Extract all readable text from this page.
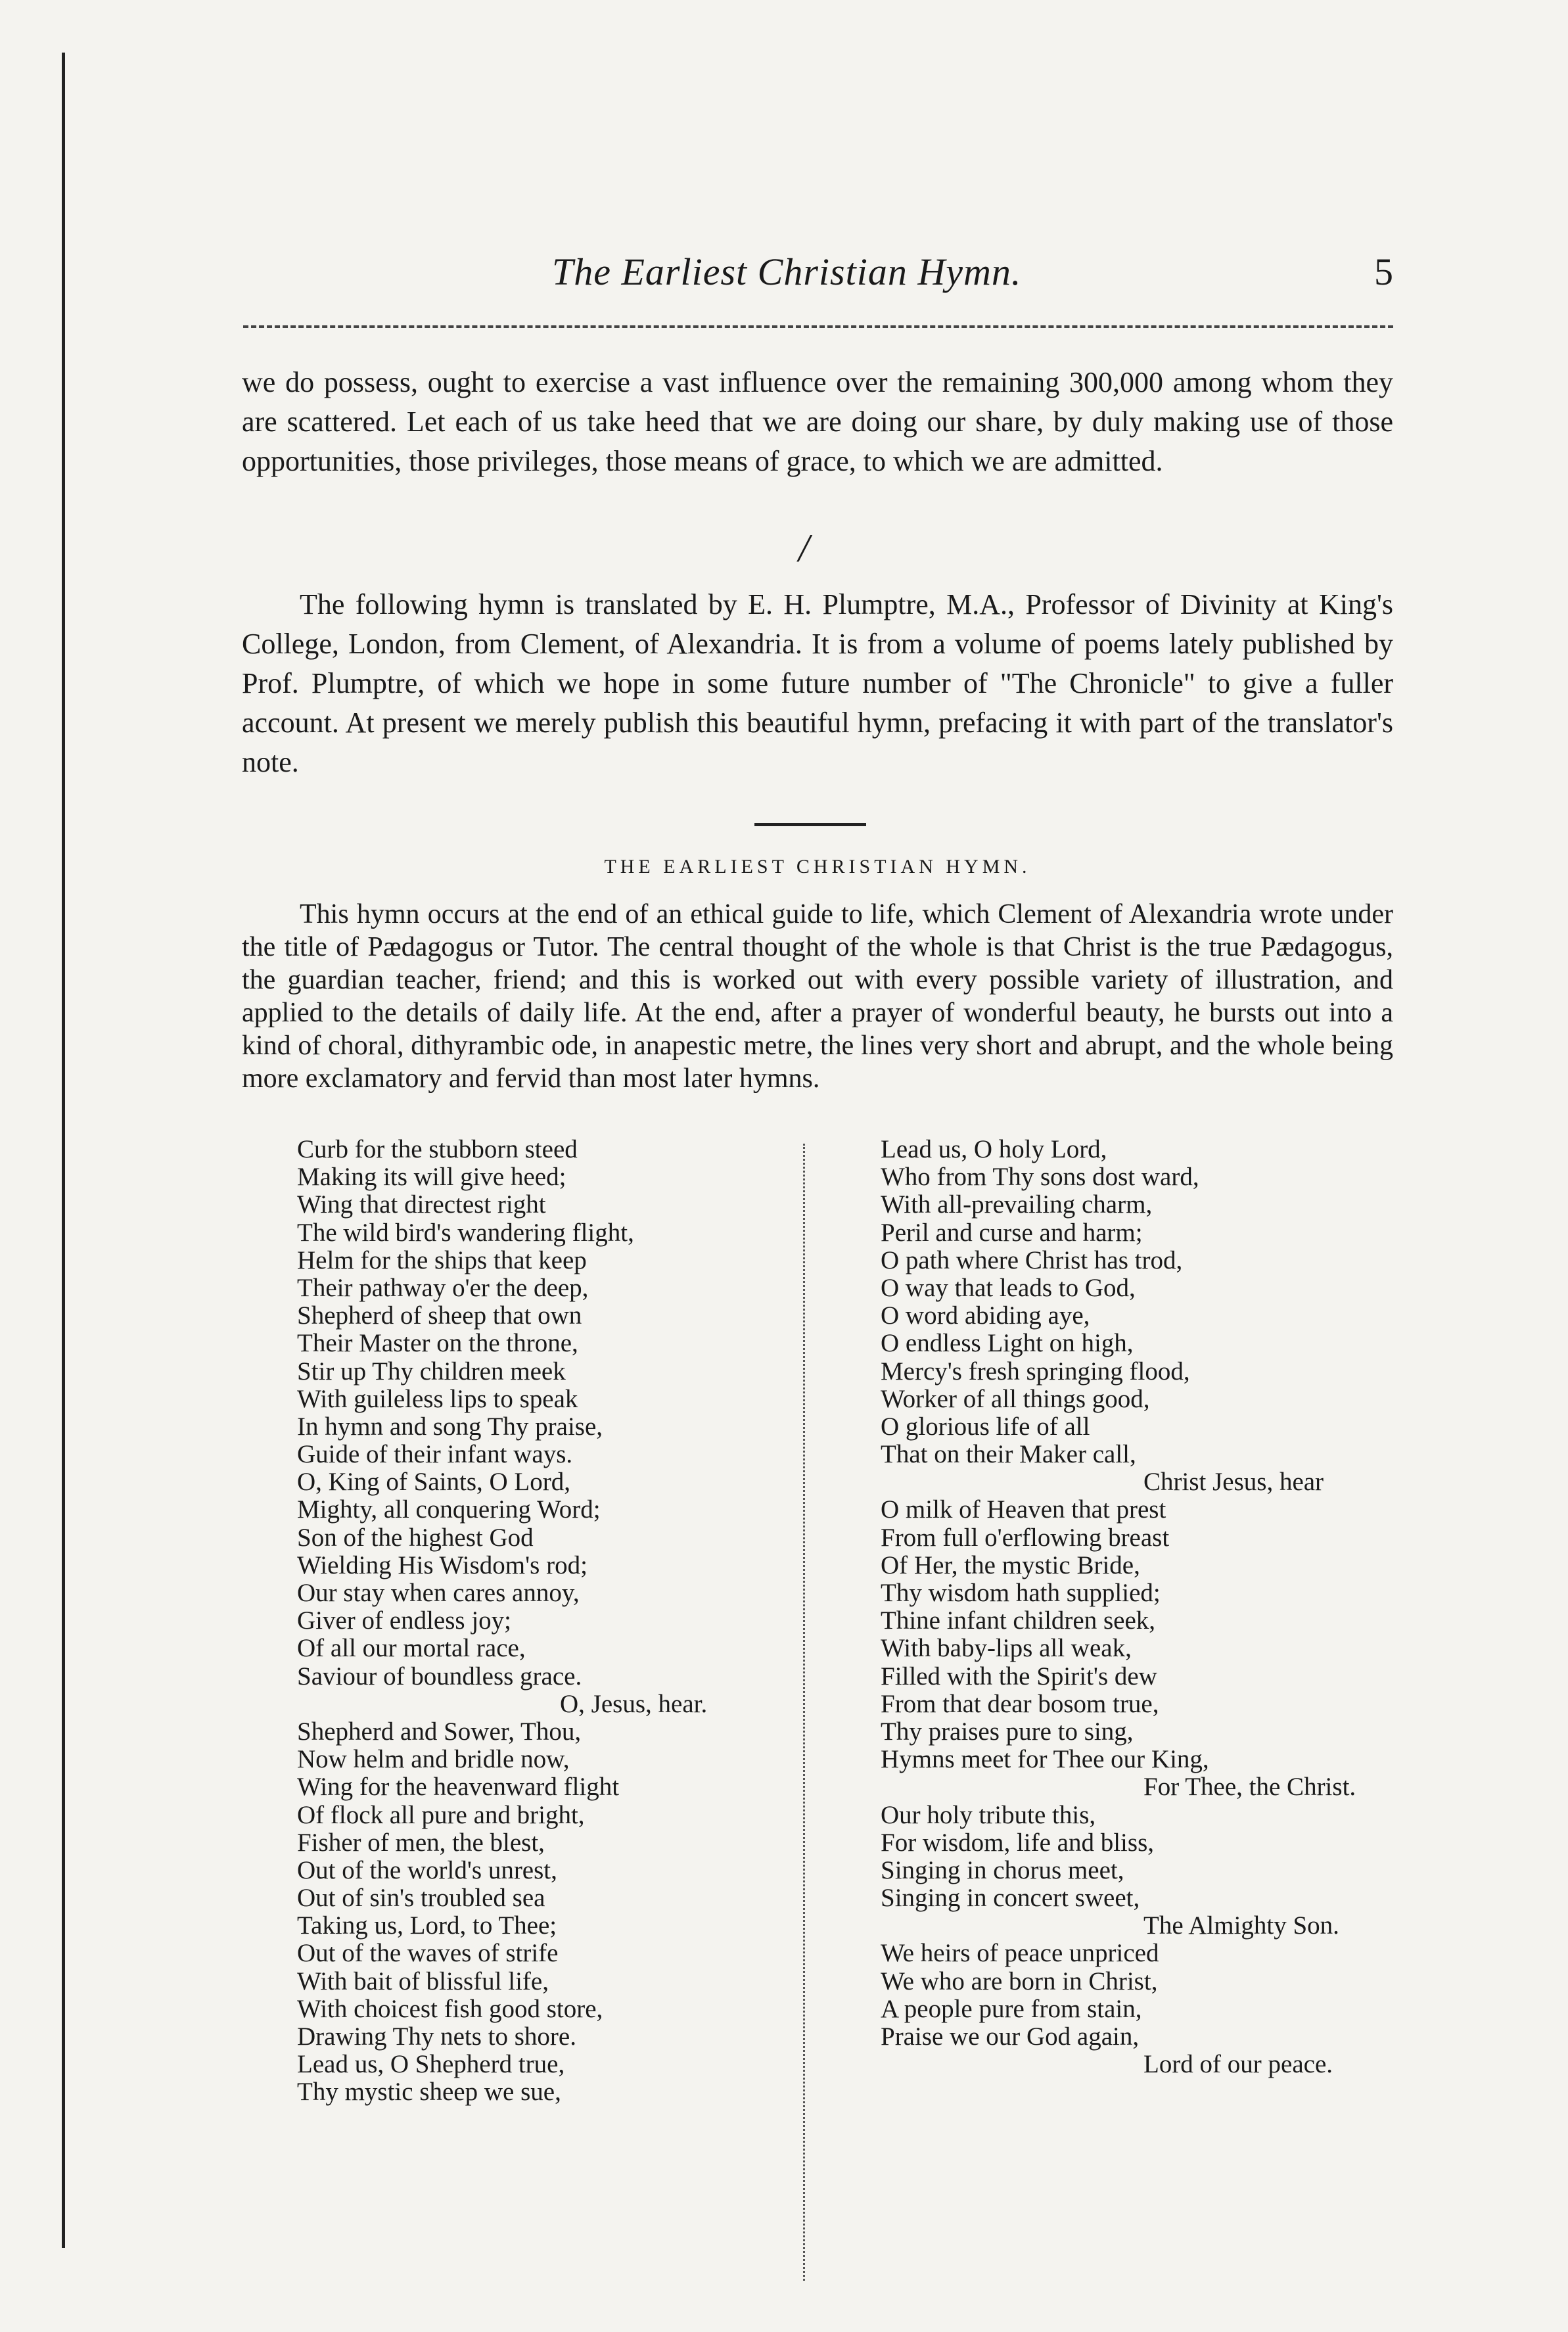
The Earliest Christian Hymn.	5
we do possess, ought to exercise a vast influence over the remaining 300,000 among whom they are scattered. Let each of us take heed that we are doing our share, by duly making use of those opportunities, those privileges, those means of grace, to which we are admitted.
/
The following hymn is translated by E. H. Plumptre, M.A., Professor of Divinity at King's College, London, from Clement, of Alexandria. It is from a volume of poems lately published by Prof. Plumptre, of which we hope in some future number of "The Chronicle" to give a fuller account. At present we merely publish this beautiful hymn, prefacing it with part of the translator's note.
THE EARLIEST CHRISTIAN HYMN.
This hymn occurs at the end of an ethical guide to life, which Clement of Alexandria wrote under the title of Pædagogus or Tutor. The central thought of the whole is that Christ is the true Pædagogus, the guardian teacher, friend; and this is worked out with every possible variety of illustration, and applied to the details of daily life. At the end, after a prayer of wonderful beauty, he bursts out into a kind of choral, dithyrambic ode, in anapestic metre, the lines very short and abrupt, and the whole being more exclamatory and fervid than most later hymns.
Curb for the stubborn steed
Making its will give heed;
Wing that directest right
The wild bird's wandering flight,
Helm for the ships that keep
Their pathway o'er the deep,
Shepherd of sheep that own
Their Master on the throne,
Stir up Thy children meek
With guileless lips to speak
In hymn and song Thy praise,
Guide of their infant ways.
O, King of Saints, O Lord,
Mighty, all conquering Word;
Son of the highest God
Wielding His Wisdom's rod;
Our stay when cares annoy,
Giver of endless joy;
Of all our mortal race,
Saviour of boundless grace.
O, Jesus, hear.
Shepherd and Sower, Thou,
Now helm and bridle now,
Wing for the heavenward flight
Of flock all pure and bright,
Fisher of men, the blest,
Out of the world's unrest,
Out of sin's troubled sea
Taking us, Lord, to Thee;
Out of the waves of strife
With bait of blissful life,
With choicest fish good store,
Drawing Thy nets to shore.
Lead us, O Shepherd true,
Thy mystic sheep we sue,
Lead us, O holy Lord,
Who from Thy sons dost ward,
With all-prevailing charm,
Peril and curse and harm;
O path where Christ has trod,
O way that leads to God,
O word abiding aye,
O endless Light on high,
Mercy's fresh springing flood,
Worker of all things good,
O glorious life of all
That on their Maker call,
Christ Jesus, hear
O milk of Heaven that prest
From full o'erflowing breast
Of Her, the mystic Bride,
Thy wisdom hath supplied;
Thine infant children seek,
With baby-lips all weak,
Filled with the Spirit's dew
From that dear bosom true,
Thy praises pure to sing,
Hymns meet for Thee our King,
For Thee, the Christ.
Our holy tribute this,
For wisdom, life and bliss,
Singing in chorus meet,
Singing in concert sweet,
The Almighty Son.
We heirs of peace unpriced
We who are born in Christ,
A people pure from stain,
Praise we our God again,
Lord of our peace.
